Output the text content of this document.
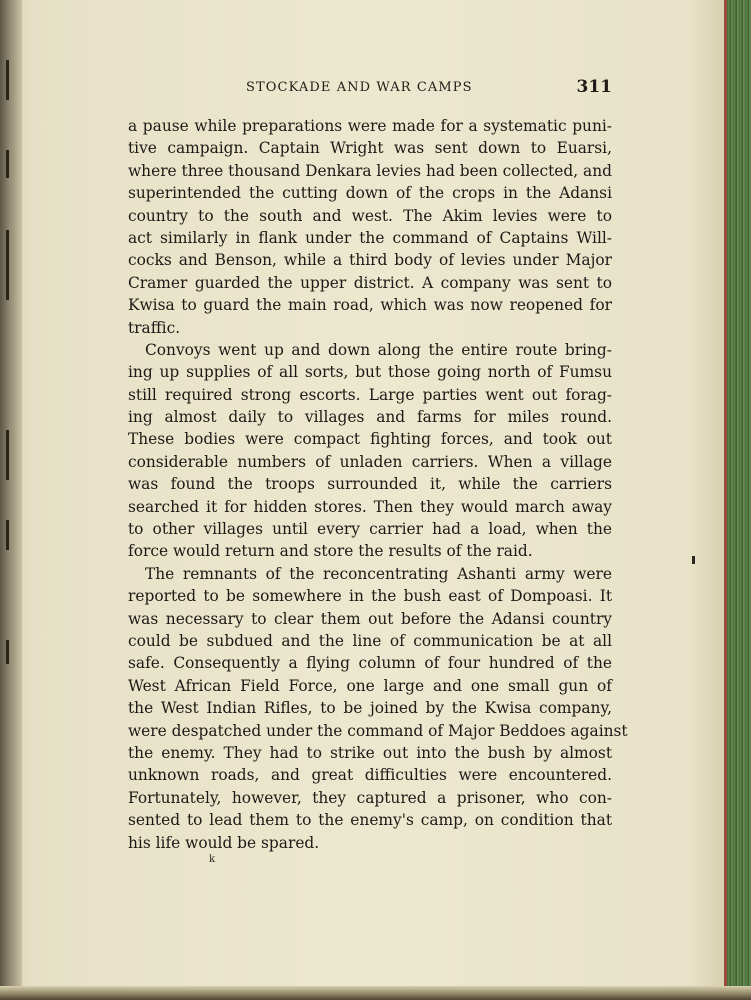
STOCKADE AND WAR CAMPS	311
a pause while preparations were made for a systematic puni-
tive campaign. Captain Wright was sent down to Euarsi,
where three thousand Denkara levies had been collected, and
superintended the cutting down of the crops in the Adansi
country to the south and west. The Akim levies were to
act similarly in flank under the command of Captains Will-
cocks and Benson, while a third body of levies under Major
Cramer guarded the upper district. A company was sent to
Kwisa to guard the main road, which was now reopened for
traffic.
Convoys went up and down along the entire route bring-
ing up supplies of all sorts, but those going north of Fumsu
still required strong escorts. Large parties went out forag-
ing almost daily to villages and farms for miles round.
These bodies were compact fighting forces, and took out
considerable numbers of unladen carriers. When a village
was found the troops surrounded it, while the carriers
searched it for hidden stores. Then they would march away
to other villages until every carrier had a load, when the
force would return and store the results of the raid.
The remnants of the reconcentrating Ashanti army were
reported to be somewhere in the bush east of Dompoasi. It
was necessary to clear them out before the Adansi country
could be subdued and the line of communication be at all
safe. Consequently a flying column of four hundred of the
West African Field Force, one large and one small gun of
the West Indian Rifles, to be joined by the Kwisa company,
were despatched under the command of Major Beddoes against
the enemy. They had to strike out into the bush by almost
unknown roads, and great difficulties were encountered.
Fortunately, however, they captured a prisoner, who con-
sented to lead them to the enemy's camp, on condition that
his life would be spared.
k
